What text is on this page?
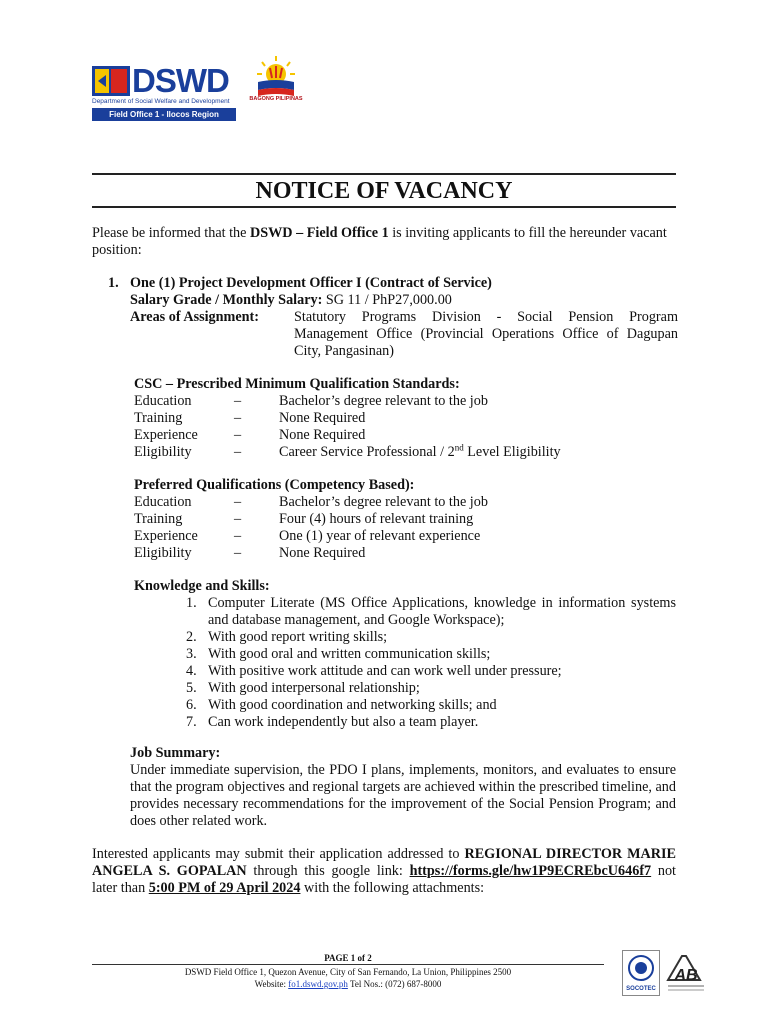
DSWD
Department of Social Welfare and Development
Field Office 1 - Ilocos Region
BAGONG PILIPINAS
NOTICE OF VACANCY
Please be informed that the DSWD – Field Office 1 is inviting applicants to fill the hereunder vacant position:
1. One (1) Project Development Officer I (Contract of Service)
Salary Grade / Monthly Salary: SG 11 / PhP27,000.00
Areas of Assignment: Statutory Programs Division - Social Pension Program Management Office (Provincial Operations Office of Dagupan City, Pangasinan)
CSC – Prescribed Minimum Qualification Standards:
Education	–	Bachelor’s degree relevant to the job
Training	–	None Required
Experience	–	None Required
Eligibility	–	Career Service Professional / 2nd Level Eligibility
Preferred Qualifications (Competency Based):
Education	–	Bachelor’s degree relevant to the job
Training	–	Four (4) hours of relevant training
Experience	–	One (1) year of relevant experience
Eligibility	–	None Required
Knowledge and Skills:
1. Computer Literate (MS Office Applications, knowledge in information systems and database management, and Google Workspace);
2. With good report writing skills;
3. With good oral and written communication skills;
4. With positive work attitude and can work well under pressure;
5. With good interpersonal relationship;
6. With good coordination and networking skills; and
7. Can work independently but also a team player.
Job Summary:
Under immediate supervision, the PDO I plans, implements, monitors, and evaluates to ensure that the program objectives and regional targets are achieved within the prescribed timeline, and provides necessary recommendations for the improvement of the Social Pension Program; and does other related work.
Interested applicants may submit their application addressed to REGIONAL DIRECTOR MARIE ANGELA S. GOPALAN through this google link: https://forms.gle/hw1P9ECREbcU646f7 not later than 5:00 PM of 29 April 2024 with the following attachments:
PAGE 1 of 2
DSWD Field Office 1, Quezon Avenue, City of San Fernando, La Union, Philippines 2500
Website: fo1.dswd.gov.ph Tel Nos.: (072) 687-8000	SOCOTEC
AB
